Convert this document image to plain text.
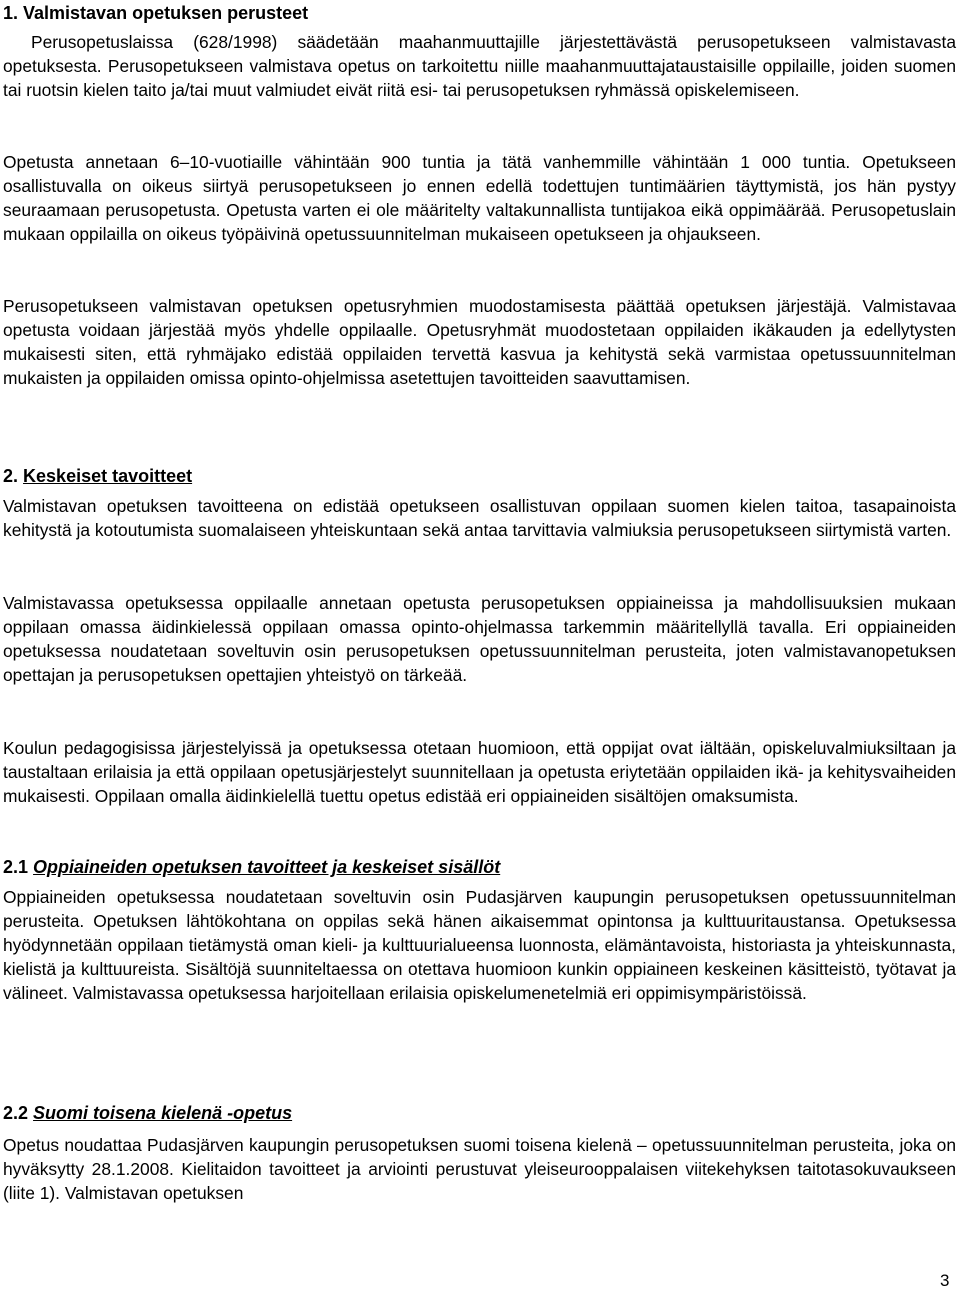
1. Valmistavan opetuksen perusteet

Perusopetuslaissa (628/1998) säädetään maahanmuuttajille järjestettävästä perusopetukseen valmistavasta opetuksesta. Perusopetukseen valmistava opetus on tarkoitettu niille maahanmuuttajataustaisille oppilaille, joiden suomen tai ruotsin kielen taito ja/tai muut valmiudet eivät riitä esi- tai perusopetuksen ryhmässä opiskelemiseen.

Opetusta annetaan 6–10-vuotiaille vähintään 900 tuntia ja tätä vanhemmille vähintään 1 000 tuntia. Opetukseen osallistuvalla on oikeus siirtyä perusopetukseen jo ennen edellä todettujen tuntimäärien täyttymistä, jos hän pystyy seuraamaan perusopetusta. Opetusta varten ei ole määritelty valtakunnallista tuntijakoa eikä oppimäärää. Perusopetuslain mukaan oppilailla on oikeus työpäivinä opetussuunnitelman mukaiseen opetukseen ja ohjaukseen.

Perusopetukseen valmistavan opetuksen opetusryhmien muodostamisesta päättää opetuksen järjestäjä. Valmistavaa opetusta voidaan järjestää myös yhdelle oppilaalle. Opetusryhmät muodostetaan oppilaiden ikäkauden ja edellytysten mukaisesti siten, että ryhmäjako edistää oppilaiden tervettä kasvua ja kehitystä sekä varmistaa opetussuunnitelman mukaisten ja oppilaiden omissa opinto-ohjelmissa asetettujen tavoitteiden saavuttamisen.

2. Keskeiset tavoitteet

Valmistavan opetuksen tavoitteena on edistää opetukseen osallistuvan oppilaan suomen kielen taitoa, tasapainoista kehitystä ja kotoutumista suomalaiseen yhteiskuntaan sekä antaa tarvittavia valmiuksia perusopetukseen siirtymistä varten.

Valmistavassa opetuksessa oppilaalle annetaan opetusta perusopetuksen oppiaineissa ja mahdollisuuksien mukaan oppilaan omassa äidinkielessä oppilaan omassa opinto-ohjelmassa tarkemmin määritellyllä tavalla. Eri oppiaineiden opetuksessa noudatetaan soveltuvin osin perusopetuksen opetussuunnitelman perusteita, joten valmistavanopetuksen opettajan ja perusopetuksen opettajien yhteistyö on tärkeää.

Koulun pedagogisissa järjestelyissä ja opetuksessa otetaan huomioon, että oppijat ovat iältään, opiskeluvalmiuksiltaan ja taustaltaan erilaisia ja että oppilaan opetusjärjestelyt suunnitellaan ja opetusta eriytetään oppilaiden ikä- ja kehitysvaiheiden mukaisesti. Oppilaan omalla äidinkielellä tuettu opetus edistää eri oppiaineiden sisältöjen omaksumista.

2.1 Oppiaineiden opetuksen tavoitteet ja keskeiset sisällöt

Oppiaineiden opetuksessa noudatetaan soveltuvin osin Pudasjärven kaupungin perusopetuksen opetussuunnitelman perusteita. Opetuksen lähtökohtana on oppilas sekä hänen aikaisemmat opintonsa ja kulttuuritaustansa. Opetuksessa hyödynnetään oppilaan tietämystä oman kieli- ja kulttuurialueensa luonnosta, elämäntavoista, historiasta ja yhteiskunnasta, kielistä ja kulttuureista. Sisältöjä suunniteltaessa on otettava huomioon kunkin oppiaineen keskeinen käsitteistö, työtavat ja välineet. Valmistavassa opetuksessa harjoitellaan erilaisia opiskelumenetelmiä eri oppimisympäristöissä.

2.2 Suomi toisena kielenä -opetus

Opetus noudattaa Pudasjärven kaupungin perusopetuksen suomi toisena kielenä – opetussuunnitelman perusteita, joka on hyväksytty 28.1.2008. Kielitaidon tavoitteet ja arviointi perustuvat yleiseurooppalaisen viitekehyksen taitotasokuvaukseen (liite 1). Valmistavan opetuksen

3
